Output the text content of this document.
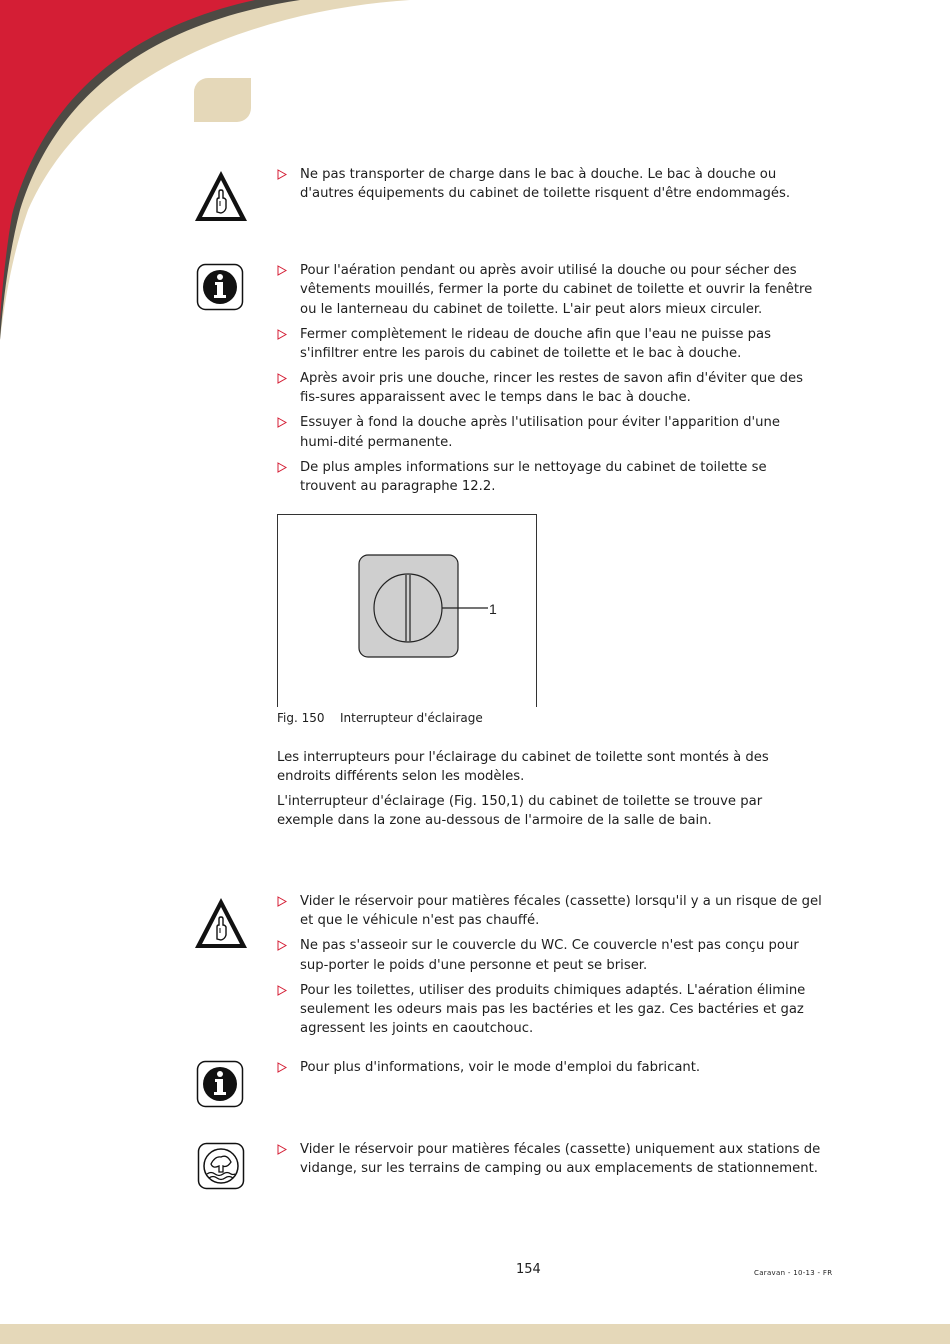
Ne pas transporter de charge dans le bac à douche. Le bac à douche ou d'autres équipements du cabinet de toilette risquent d'être endommagés.
Pour l'aération pendant ou après avoir utilisé la douche ou pour sécher des vêtements mouillés, fermer la porte du cabinet de toilette et ouvrir la fenêtre ou le lanterneau du cabinet de toilette. L'air peut alors mieux circuler.
Fermer complètement le rideau de douche afin que l'eau ne puisse pas s'infiltrer entre les parois du cabinet de toilette et le bac à douche.
Après avoir pris une douche, rincer les restes de savon afin d'éviter que des fis-sures apparaissent avec le temps dans le bac à douche.
Essuyer à fond la douche après l'utilisation pour éviter l'apparition d'une humi-dité permanente.
De plus amples informations sur le nettoyage du cabinet de toilette se trouvent au paragraphe 12.2.
1
Fig. 150 Interrupteur d'éclairage

Les interrupteurs pour l'éclairage du cabinet de toilette sont montés à des endroits différents selon les modèles.

L'interrupteur d'éclairage (Fig. 150,1) du cabinet de toilette se trouve par exemple dans la zone au-dessous de l'armoire de la salle de bain.

Vider le réservoir pour matières fécales (cassette) lorsqu'il y a un risque de gel et que le véhicule n'est pas chauffé.
Ne pas s'asseoir sur le couvercle du WC. Ce couvercle n'est pas conçu pour sup-porter le poids d'une personne et peut se briser.
Pour les toilettes, utiliser des produits chimiques adaptés. L'aération élimine seulement les odeurs mais pas les bactéries et les gaz. Ces bactéries et gaz agressent les joints en caoutchouc.
Pour plus d'informations, voir le mode d'emploi du fabricant.
Vider le réservoir pour matières fécales (cassette) uniquement aux stations de vidange, sur les terrains de camping ou aux emplacements de stationnement.
154	Caravan - 10-13 - FR
